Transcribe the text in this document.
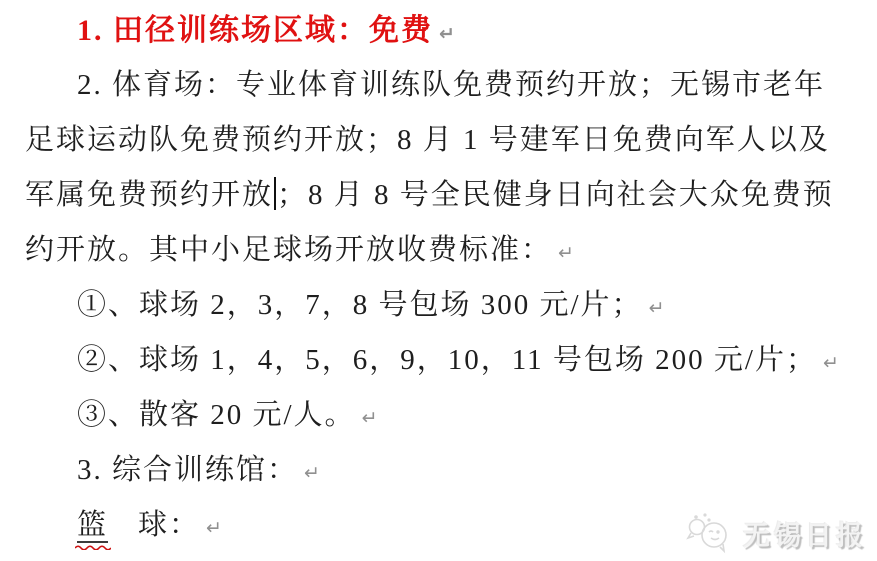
1. 田径训练场区域：免费 ↵
2. 体育场：专业体育训练队免费预约开放；无锡市老年
足球运动队免费预约开放；8 月 1 号建军日免费向军人以及
军属免费预约开放 ；8 月 8 号全民健身日向社会大众免费预
约开放。其中小足球场开放收费标准： ↵
①、球场 2，3，7，8 号包场 300 元/片； ↵
②、球场 1，4，5，6，9，10，11 号包场 200 元/片； ↵
③、散客 20 元/人。 ↵
3. 综合训练馆： ↵
篮 球： ↵	无锡日报
